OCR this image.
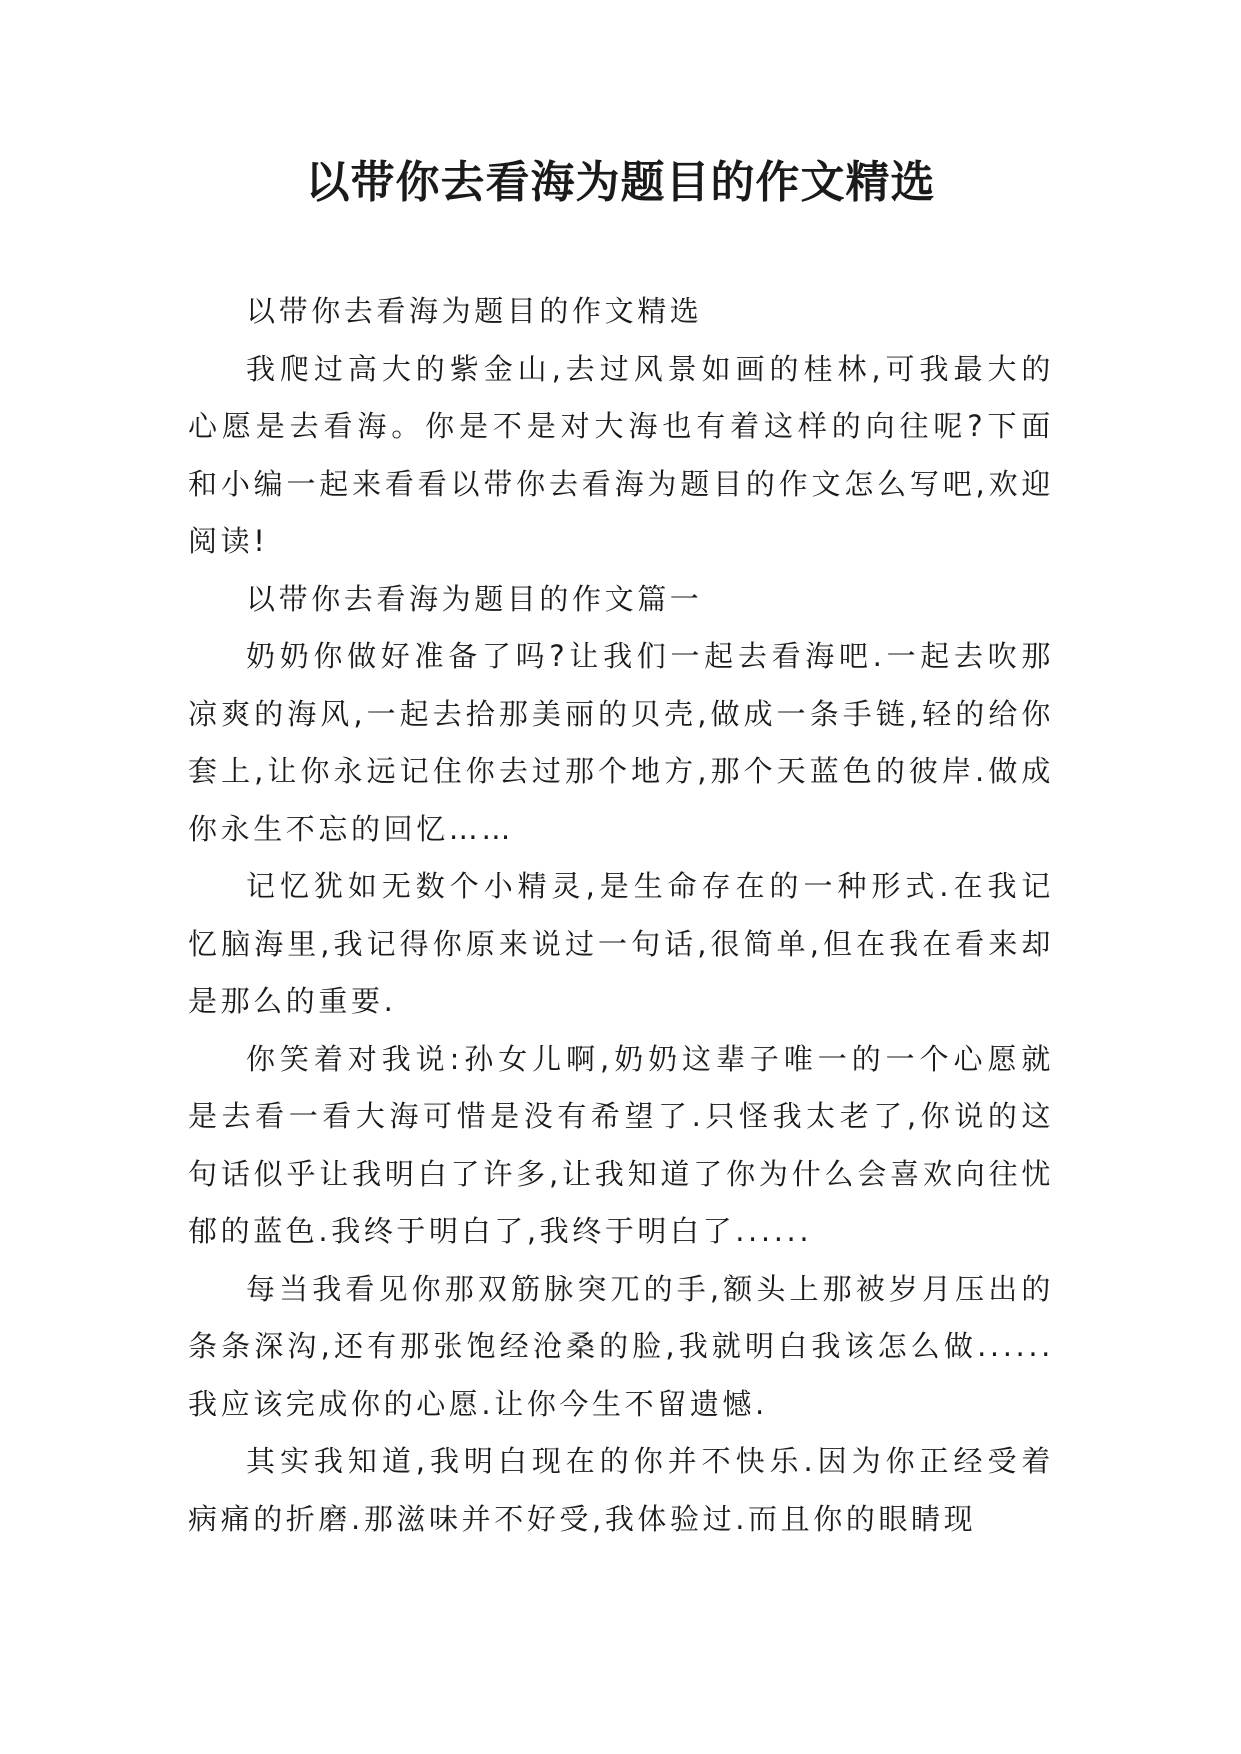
以带你去看海为题目的作文精选

以带你去看海为题目的作文精选

我爬过高大的紫金山,去过风景如画的桂林,可我最大的心愿是去看海。你是不是对大海也有着这样的向往呢?下面和小编一起来看看以带你去看海为题目的作文怎么写吧,欢迎阅读!

以带你去看海为题目的作文篇一

奶奶你做好准备了吗?让我们一起去看海吧.一起去吹那凉爽的海风,一起去拾那美丽的贝壳,做成一条手链,轻的给你套上,让你永远记住你去过那个地方,那个天蓝色的彼岸.做成你永生不忘的回忆……

记忆犹如无数个小精灵,是生命存在的一种形式.在我记忆脑海里,我记得你原来说过一句话,很简单,但在我在看来却是那么的重要.

你笑着对我说:孙女儿啊,奶奶这辈子唯一的一个心愿就是去看一看大海可惜是没有希望了.只怪我太老了,你说的这句话似乎让我明白了许多,让我知道了你为什么会喜欢向往忧郁的蓝色.我终于明白了,我终于明白了......

每当我看见你那双筋脉突兀的手,额头上那被岁月压出的条条深沟,还有那张饱经沧桑的脸,我就明白我该怎么做......我应该完成你的心愿.让你今生不留遗憾.

其实我知道,我明白现在的你并不快乐.因为你正经受着病痛的折磨.那滋味并不好受,我体验过.而且你的眼睛现
